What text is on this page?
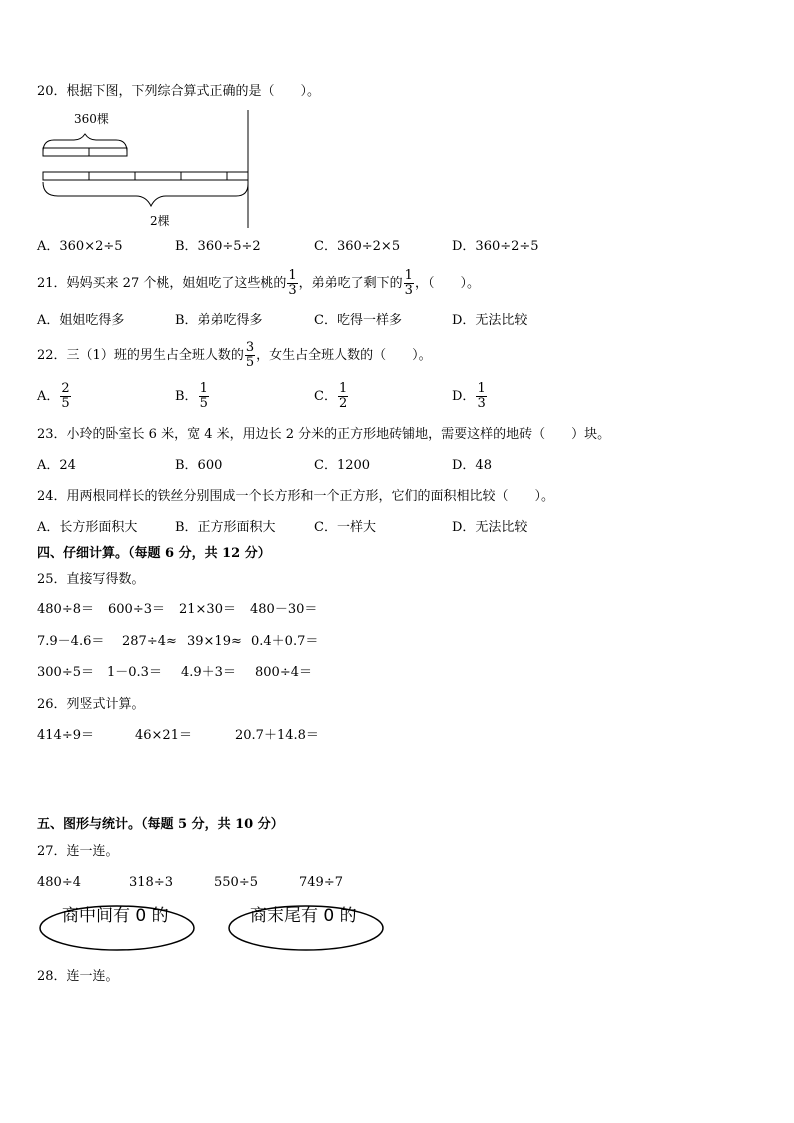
20．根据下图，下列综合算式正确的是（　　）。
360棵
2棵
A．360×2÷5	B．360÷5÷2	C．360÷2×5	D．360÷2÷5
21．妈妈买来 27 个桃，姐姐吃了这些桃的 $\frac{1}{3}$ ，弟弟吃了剩下的 $\frac{1}{3}$ ，（　　）。
A．姐姐吃得多	B．弟弟吃得多	C．吃得一样多	D．无法比较
22．三（1）班的男生占全班人数的 $\frac{3}{5}$ ，女生占全班人数的（　　）。
A． $\frac{2}{5}$	B． $\frac{1}{5}$	C． $\frac{1}{2}$	D． $\frac{1}{3}$
23．小玲的卧室长 6 米，宽 4 米，用边长 2 分米的正方形地砖铺地，需要这样的地砖（　　）块。
A．24	B．600	C．1200	D．48
24．用两根同样长的铁丝分别围成一个长方形和一个正方形，它们的面积相比较（　　）。
A．长方形面积大	B．正方形面积大	C．一样大	D．无法比较
四、仔细计算。（每题 6 分，共 12 分）
25．直接写得数。
480÷8＝ 600÷3＝ 21×30＝ 480－30＝
7.9－4.6＝ 287÷4≈ 39×19≈ 0.4＋0.7＝
300÷5＝ 1－0.3＝ 4.9＋3＝ 800÷4＝
26．列竖式计算。
414÷9＝	46×21＝	20.7＋14.8＝
五、图形与统计。（每题 5 分，共 10 分）
27．连一连。
480÷4	318÷3	550÷5	749÷7
商中间有 0 的	商末尾有 0 的
28．连一连。
